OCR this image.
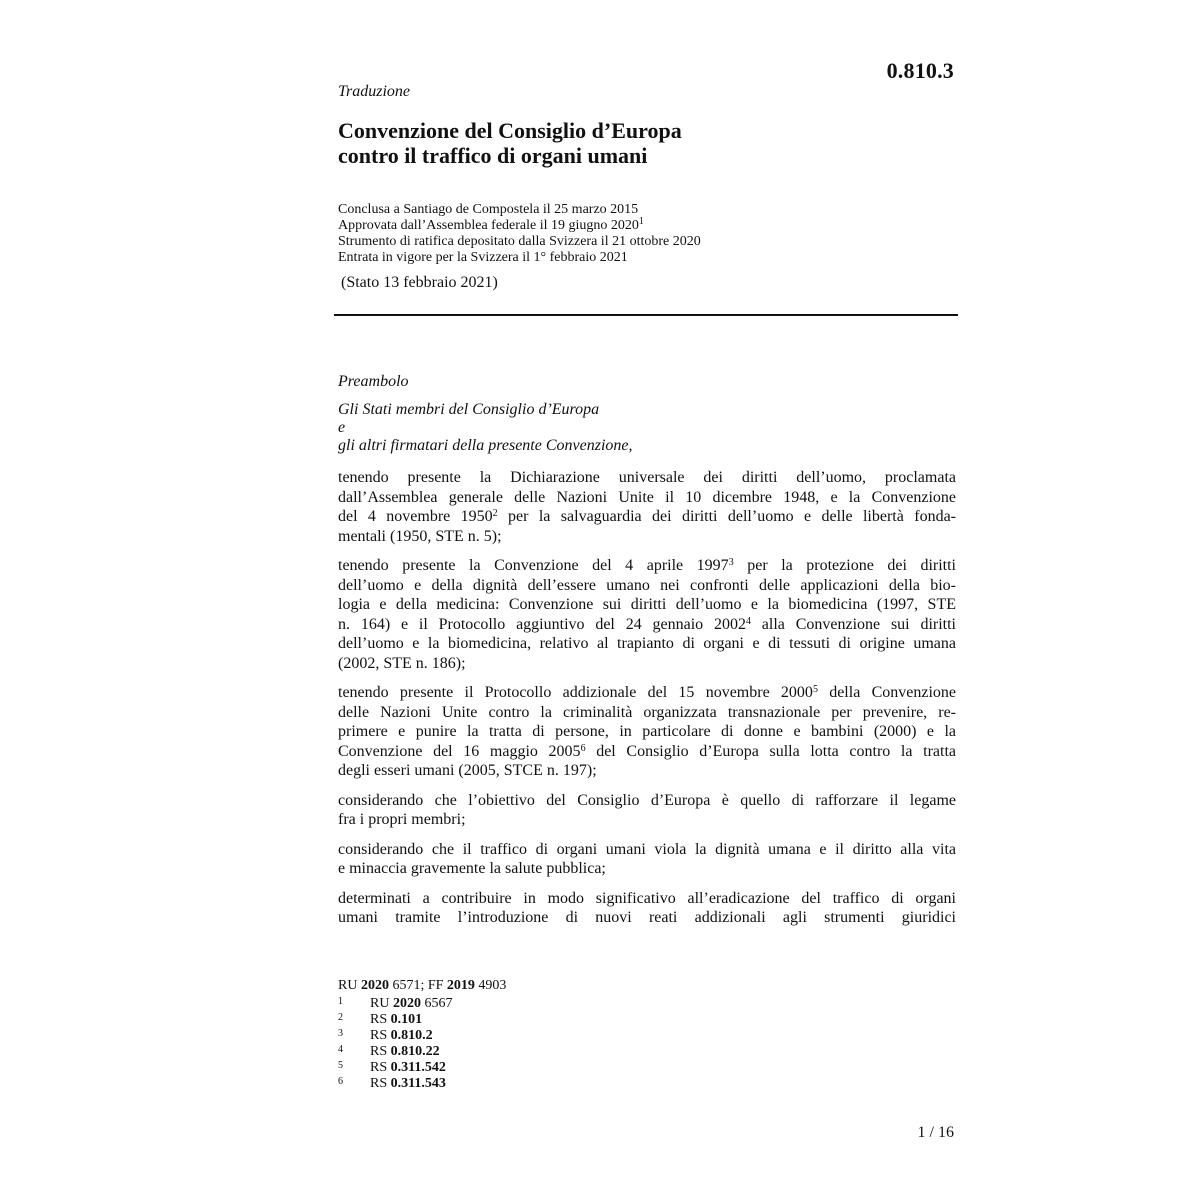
0.810.3
Traduzione
Convenzione del Consiglio d’Europa
contro il traffico di organi umani
Conclusa a Santiago de Compostela il 25 marzo 2015
Approvata dall’Assemblea federale il 19 giugno 2020$^1$
Strumento di ratifica depositato dalla Svizzera il 21 ottobre 2020
Entrata in vigore per la Svizzera il 1° febbraio 2021
(Stato 13 febbraio 2021)
Preambolo
Gli Stati membri del Consiglio d’Europa
e
gli altri firmatari della presente Convenzione,

tenendo presente la Dichiarazione universale dei diritti dell’uomo, proclamata
dall’Assemblea generale delle Nazioni Unite il 10 dicembre 1948, e la Convenzione
del 4 novembre 1950$^2$ per la salvaguardia dei diritti dell’uomo e delle libertà fonda-
mentali (1950, STE n. 5);

tenendo presente la Convenzione del 4 aprile 1997$^3$ per la protezione dei diritti
dell’uomo e della dignità dell’essere umano nei confronti delle applicazioni della bio-
logia e della medicina: Convenzione sui diritti dell’uomo e la biomedicina (1997, STE
n. 164) e il Protocollo aggiuntivo del 24 gennaio 2002$^4$ alla Convenzione sui diritti
dell’uomo e la biomedicina, relativo al trapianto di organi e di tessuti di origine umana
(2002, STE n. 186);

tenendo presente il Protocollo addizionale del 15 novembre 2000$^5$ della Convenzione
delle Nazioni Unite contro la criminalità organizzata transnazionale per prevenire, re-
primere e punire la tratta di persone, in particolare di donne e bambini (2000) e la
Convenzione del 16 maggio 2005$^6$ del Consiglio d’Europa sulla lotta contro la tratta
degli esseri umani (2005, STCE n. 197);

considerando che l’obiettivo del Consiglio d’Europa è quello di rafforzare il legame
fra i propri membri;

considerando che il traffico di organi umani viola la dignità umana e il diritto alla vita
e minaccia gravemente la salute pubblica;

determinati a contribuire in modo significativo all’eradicazione del traffico di organi
umani tramite l’introduzione di nuovi reati addizionali agli strumenti giuridici

RU 2020 6571; FF 2019 4903
1	RU 2020 6567
2	RS 0.101
3	RS 0.810.2
4	RS 0.810.22
5	RS 0.311.542
6	RS 0.311.543
1 / 16
